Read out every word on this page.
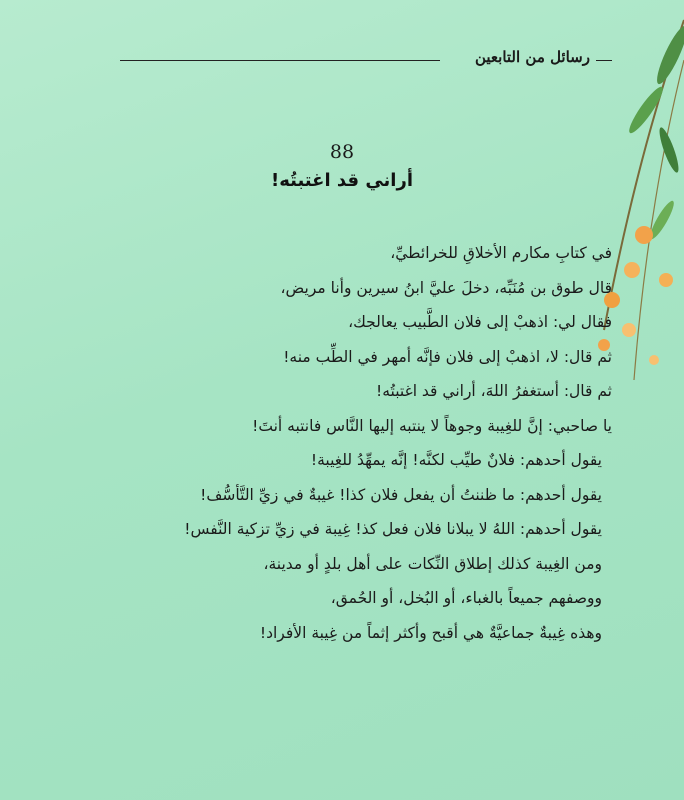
رسائل من التابعين
88
أراني قد اغتبتُه!

في كتابِ مكارم الأخلاقِ للخرائطيِّ،

قال طوق بن مُنَبِّه، دخلَ عليَّ ابنُ سيرين وأنا مريض،

فقال لي: اذهبْ إلى فلان الطَّبيب يعالجك،

ثم قال: لا، اذهبْ إلى فلان فإنَّه أمهر في الطِّب منه!

ثم قال: أستغفرُ اللهَ، أراني قد اغتبتُه!

يا صاحبي: إنَّ للغِيبة وجوهاً لا ينتبه إليها النَّاس فانتبه أنتَ!

يقول أحدهم: فلانٌ طيِّب لكنَّه! إنَّه يمهِّدُ للغِيبة!

يقول أحدهم: ما ظننتُ أن يفعل فلان كذا! غيبةٌ في زيِّ التَّأسُّف!

يقول أحدهم: اللهُ لا يبلانا فلان فعل كذ! غِيبة في زيِّ تزكية النَّفس!

ومن الغِيبة كذلك إطلاق النِّكات على أهل بلدٍ أو مدينة،

ووصفهم جميعاً بالغباء، أو البُخل، أو الحُمق،

وهذه غِيبةٌ جماعيَّةٌ هي أقبح وأكثر إثماً من غِيبة الأفراد!
